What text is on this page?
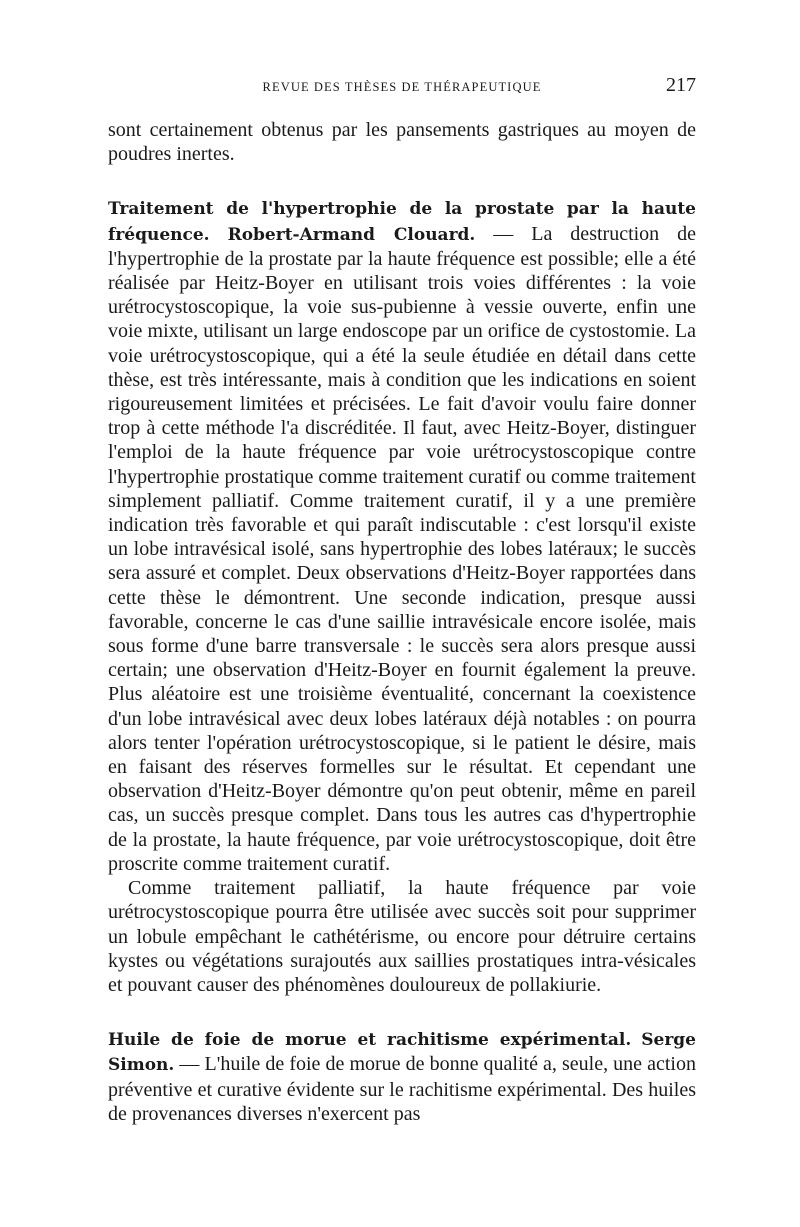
REVUE DES THÈSES DE THÉRAPEUTIQUE	217

sont certainement obtenus par les pansements gastriques au moyen de poudres inertes.

Traitement de l'hypertrophie de la prostate par la haute fréquence. Robert-Armand Clouard. — La destruction de l'hypertrophie de la prostate par la haute fréquence est possible; elle a été réalisée par Heitz-Boyer en utilisant trois voies différentes : la voie urétrocystoscopique, la voie sus-pubienne à vessie ouverte, enfin une voie mixte, utilisant un large endoscope par un orifice de cystostomie. La voie urétrocystoscopique, qui a été la seule étudiée en détail dans cette thèse, est très intéressante, mais à condition que les indications en soient rigoureusement limitées et précisées. Le fait d'avoir voulu faire donner trop à cette méthode l'a discréditée. Il faut, avec Heitz-Boyer, distinguer l'emploi de la haute fréquence par voie urétrocystoscopique contre l'hypertrophie prostatique comme traitement curatif ou comme traitement simplement palliatif. Comme traitement curatif, il y a une première indication très favorable et qui paraît indiscutable : c'est lorsqu'il existe un lobe intravésical isolé, sans hypertrophie des lobes latéraux; le succès sera assuré et complet. Deux observations d'Heitz-Boyer rapportées dans cette thèse le démontrent. Une seconde indication, presque aussi favorable, concerne le cas d'une saillie intravésicale encore isolée, mais sous forme d'une barre transversale : le succès sera alors presque aussi certain; une observation d'Heitz-Boyer en fournit également la preuve. Plus aléatoire est une troisième éventualité, concernant la coexistence d'un lobe intravésical avec deux lobes latéraux déjà notables : on pourra alors tenter l'opération urétrocystoscopique, si le patient le désire, mais en faisant des réserves formelles sur le résultat. Et cependant une observation d'Heitz-Boyer démontre qu'on peut obtenir, même en pareil cas, un succès presque complet. Dans tous les autres cas d'hypertrophie de la prostate, la haute fréquence, par voie urétrocystoscopique, doit être proscrite comme traitement curatif.

Comme traitement palliatif, la haute fréquence par voie urétrocystoscopique pourra être utilisée avec succès soit pour supprimer un lobule empêchant le cathétérisme, ou encore pour détruire certains kystes ou végétations surajoutés aux saillies prostatiques intra-vésicales et pouvant causer des phénomènes douloureux de pollakiurie.

Huile de foie de morue et rachitisme expérimental. Serge Simon. — L'huile de foie de morue de bonne qualité a, seule, une action préventive et curative évidente sur le rachitisme expérimental. Des huiles de provenances diverses n'exercent pas
